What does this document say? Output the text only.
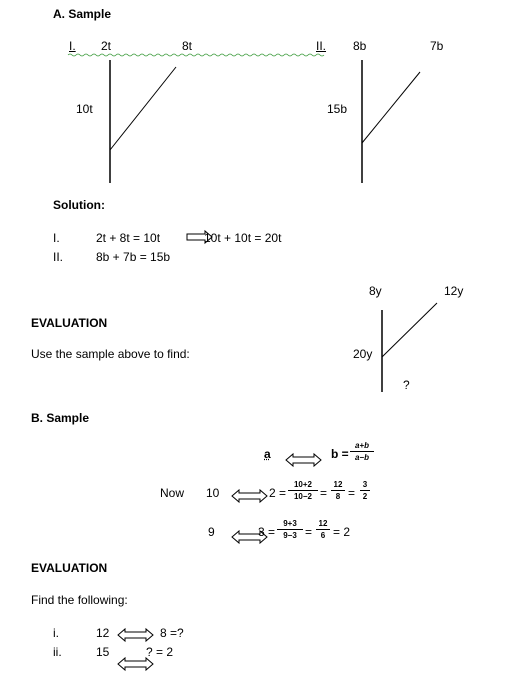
A. Sample
I. 2t	8t
10t
II. 8b	7b
15b
Solution:
I.	2t + 8t = 10t	10t + 10t = 20t
II.	8b + 7b = 15b
EVALUATION
Use the sample above to find:
8y	12y
20y
?
B. Sample
a	b =
a+b
a−b
Now 10	2 =
10+2
10−2 =
12
8 =
3
2
9	3 =
9+3
9−3 =
12
6 = 2
EVALUATION
Find the following:
i.	12	8 =?
ii.	15	? = 2
